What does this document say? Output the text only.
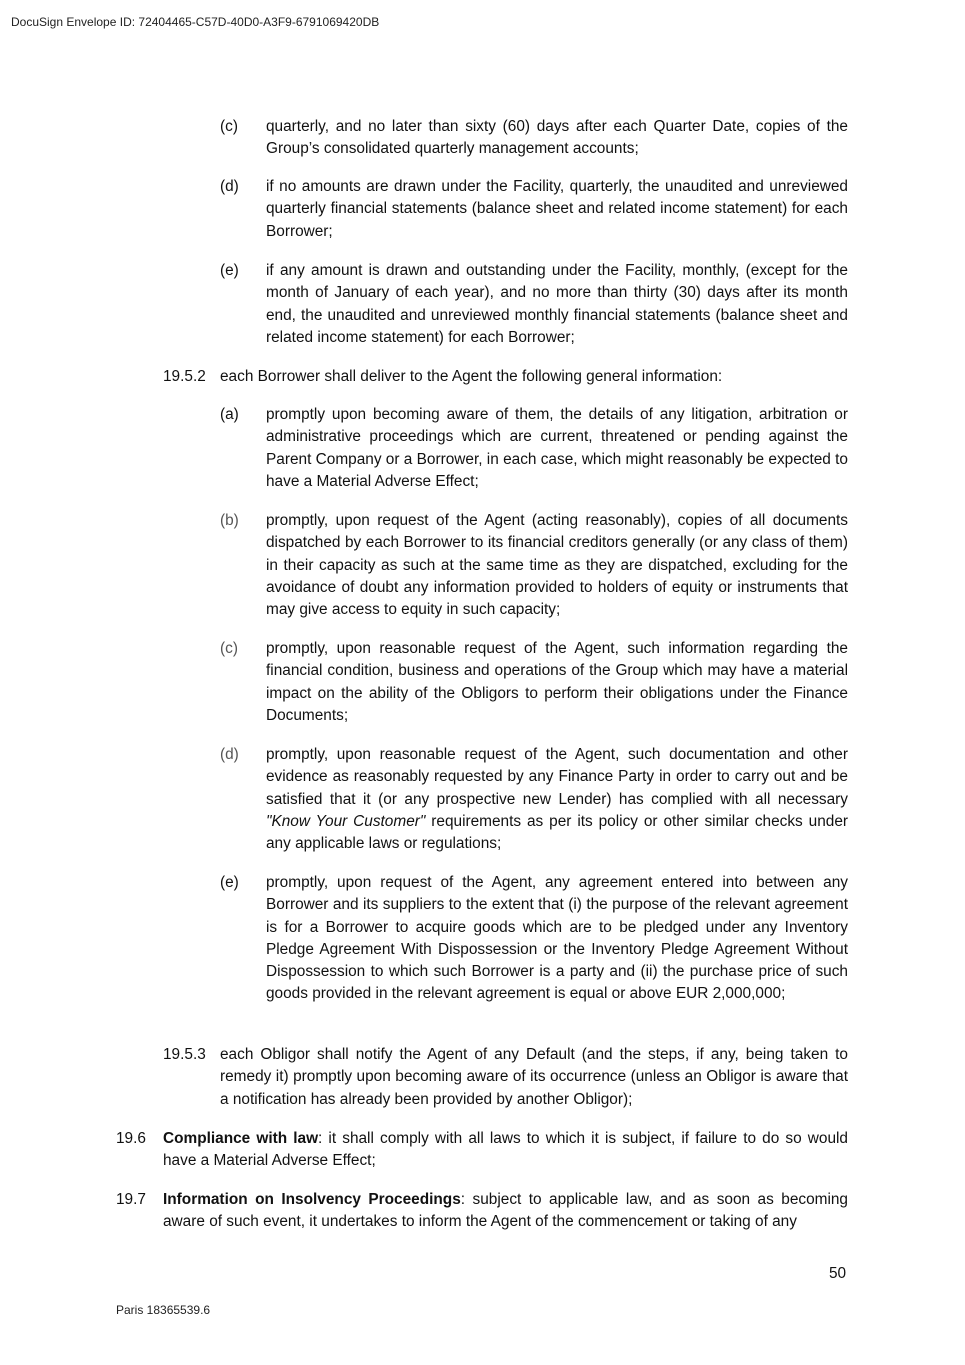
DocuSign Envelope ID: 72404465-C57D-40D0-A3F9-6791069420DB
(c) quarterly, and no later than sixty (60) days after each Quarter Date, copies of the Group’s consolidated quarterly management accounts;
(d) if no amounts are drawn under the Facility, quarterly, the unaudited and unreviewed quarterly financial statements (balance sheet and related income statement) for each Borrower;
(e) if any amount is drawn and outstanding under the Facility, monthly, (except for the month of January of each year), and no more than thirty (30) days after its month end, the unaudited and unreviewed monthly financial statements (balance sheet and related income statement) for each Borrower;
19.5.2 each Borrower shall deliver to the Agent the following general information:
(a) promptly upon becoming aware of them, the details of any litigation, arbitration or administrative proceedings which are current, threatened or pending against the Parent Company or a Borrower, in each case, which might reasonably be expected to have a Material Adverse Effect;
(b) promptly, upon request of the Agent (acting reasonably), copies of all documents dispatched by each Borrower to its financial creditors generally (or any class of them) in their capacity as such at the same time as they are dispatched, excluding for the avoidance of doubt any information provided to holders of equity or instruments that may give access to equity in such capacity;
(c) promptly, upon reasonable request of the Agent, such information regarding the financial condition, business and operations of the Group which may have a material impact on the ability of the Obligors to perform their obligations under the Finance Documents;
(d) promptly, upon reasonable request of the Agent, such documentation and other evidence as reasonably requested by any Finance Party in order to carry out and be satisfied that it (or any prospective new Lender) has complied with all necessary "Know Your Customer" requirements as per its policy or other similar checks under any applicable laws or regulations;
(e) promptly, upon request of the Agent, any agreement entered into between any Borrower and its suppliers to the extent that (i) the purpose of the relevant agreement is for a Borrower to acquire goods which are to be pledged under any Inventory Pledge Agreement With Dispossession or the Inventory Pledge Agreement Without Dispossession to which such Borrower is a party and (ii) the purchase price of such goods provided in the relevant agreement is equal or above EUR 2,000,000;
19.5.3 each Obligor shall notify the Agent of any Default (and the steps, if any, being taken to remedy it) promptly upon becoming aware of its occurrence (unless an Obligor is aware that a notification has already been provided by another Obligor);
19.6 Compliance with law: it shall comply with all laws to which it is subject, if failure to do so would have a Material Adverse Effect;
19.7 Information on Insolvency Proceedings: subject to applicable law, and as soon as becoming aware of such event, it undertakes to inform the Agent of the commencement or taking of any
50
Paris 18365539.6
